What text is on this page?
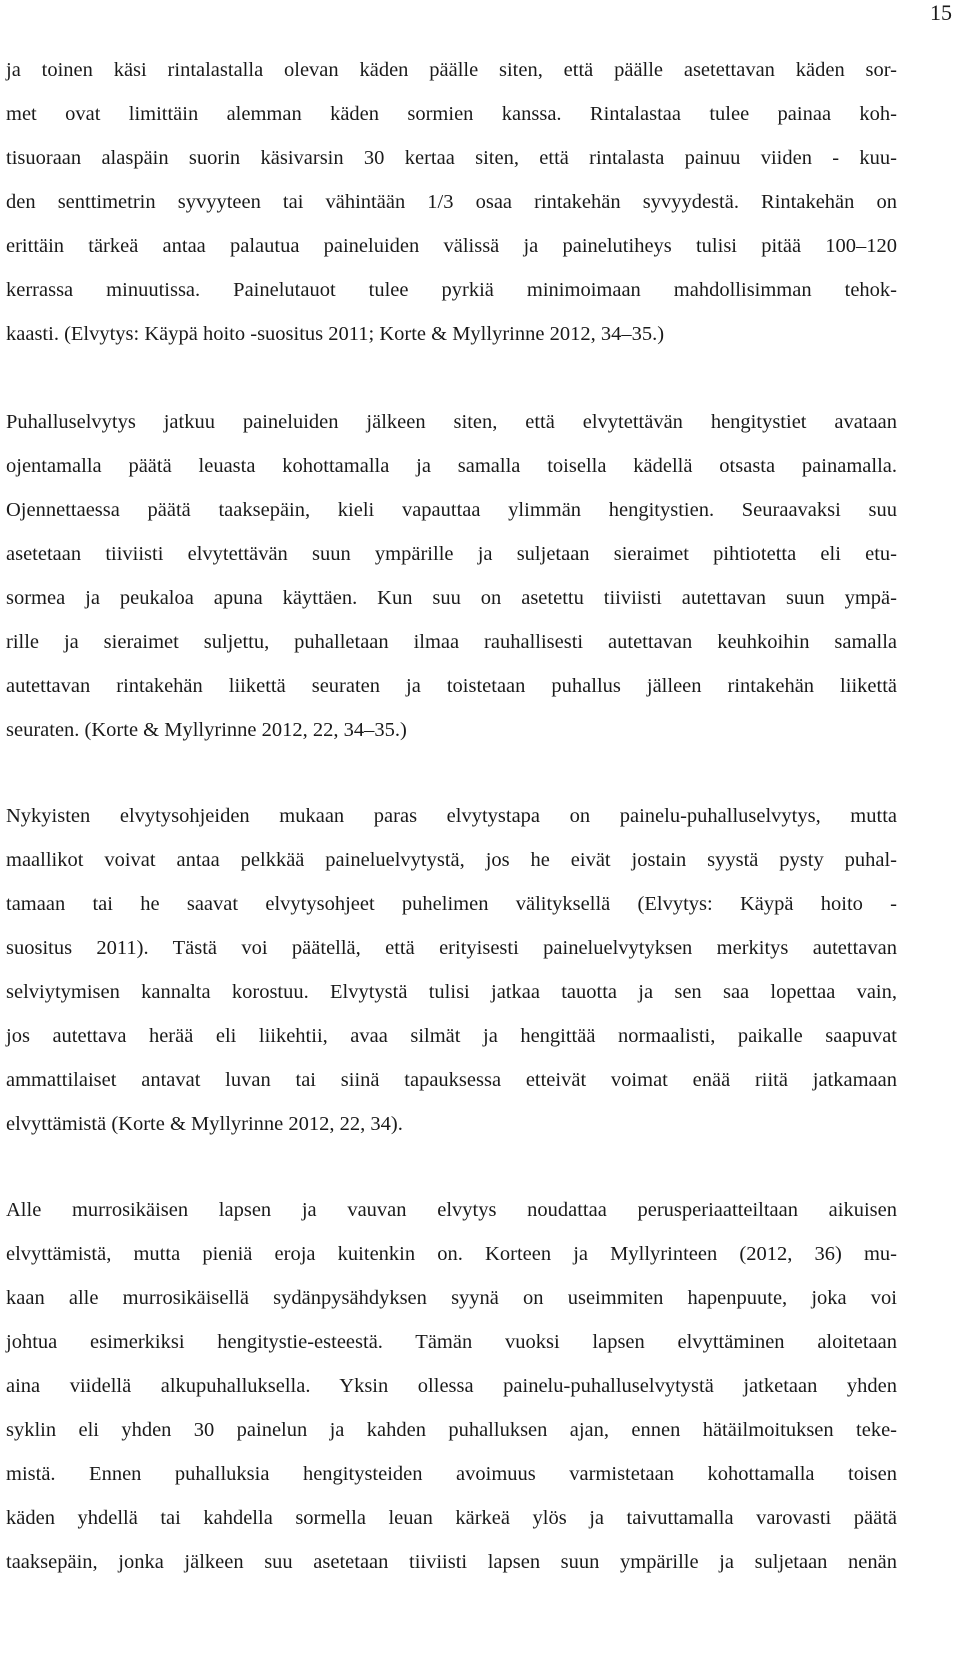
15
ja toinen käsi rintalastalla olevan käden päälle siten, että päälle asetettavan käden sor-
met ovat limittäin alemman käden sormien kanssa. Rintalastaa tulee painaa koh-
tisuoraan alaspäin suorin käsivarsin 30 kertaa siten, että rintalasta painuu viiden - kuu-
den senttimetrin syvyyteen tai vähintään 1/3 osaa rintakehän syvyydestä. Rintakehän on
erittäin tärkeä antaa palautua paineluiden välissä ja painelutiheys tulisi pitää 100–120
kerrassa minuutissa. Painelutauot tulee pyrkiä minimoimaan mahdollisimman tehok-
kaasti. (Elvytys: Käypä hoito -suositus 2011; Korte & Myllyrinne 2012, 34–35.)
Puhalluselvytys jatkuu paineluiden jälkeen siten, että elvytettävän hengitystiet avataan
ojentamalla päätä leuasta kohottamalla ja samalla toisella kädellä otsasta painamalla.
Ojennettaessa päätä taaksepäin, kieli vapauttaa ylimmän hengitystien. Seuraavaksi suu
asetetaan tiiviisti elvytettävän suun ympärille ja suljetaan sieraimet pihtiotetta eli etu-
sormea ja peukaloa apuna käyttäen. Kun suu on asetettu tiiviisti autettavan suun ympä-
rille ja sieraimet suljettu, puhalletaan ilmaa rauhallisesti autettavan keuhkoihin samalla
autettavan rintakehän liikettä seuraten ja toistetaan puhallus jälleen rintakehän liikettä
seuraten. (Korte & Myllyrinne 2012, 22, 34–35.)
Nykyisten elvytysohjeiden mukaan paras elvytystapa on painelu-puhalluselvytys, mutta
maallikot voivat antaa pelkkää paineluelvytystä, jos he eivät jostain syystä pysty puhal-
tamaan tai he saavat elvytysohjeet puhelimen välityksellä (Elvytys: Käypä hoito -
suositus 2011). Tästä voi päätellä, että erityisesti paineluelvytyksen merkitys autettavan
selviytymisen kannalta korostuu. Elvytystä tulisi jatkaa tauotta ja sen saa lopettaa vain,
jos autettava herää eli liikehtii, avaa silmät ja hengittää normaalisti, paikalle saapuvat
ammattilaiset antavat luvan tai siinä tapauksessa etteivät voimat enää riitä jatkamaan
elvyttämistä (Korte & Myllyrinne 2012, 22, 34).
Alle murrosikäisen lapsen ja vauvan elvytys noudattaa perusperiaatteiltaan aikuisen
elvyttämistä, mutta pieniä eroja kuitenkin on. Korteen ja Myllyrinteen (2012, 36) mu-
kaan alle murrosikäisellä sydänpysähdyksen syynä on useimmiten hapenpuute, joka voi
johtua esimerkiksi hengitystie-esteestä. Tämän vuoksi lapsen elvyttäminen aloitetaan
aina viidellä alkupuhalluksella. Yksin ollessa painelu-puhalluselvytystä jatketaan yhden
syklin eli yhden 30 painelun ja kahden puhalluksen ajan, ennen hätäilmoituksen teke-
mistä. Ennen puhalluksia hengitysteiden avoimuus varmistetaan kohottamalla toisen
käden yhdellä tai kahdella sormella leuan kärkeä ylös ja taivuttamalla varovasti päätä
taaksepäin, jonka jälkeen suu asetetaan tiiviisti lapsen suun ympärille ja suljetaan nenän
